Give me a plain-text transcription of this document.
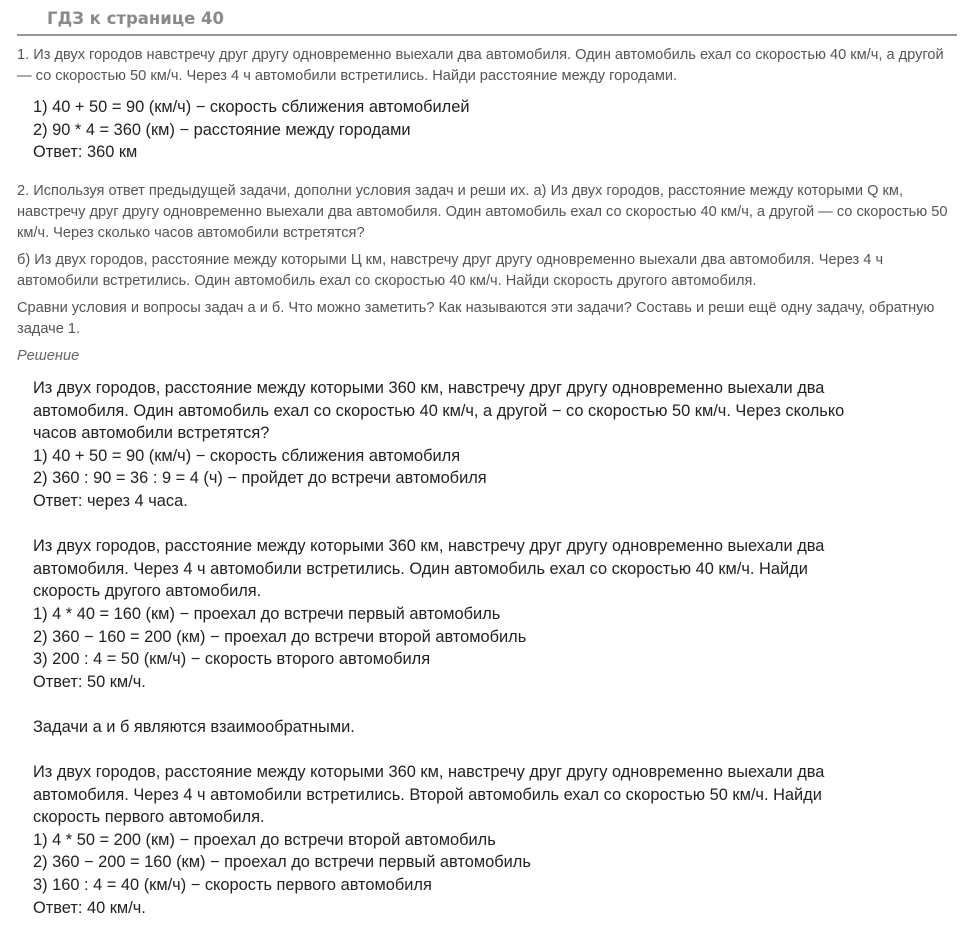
ГДЗ к странице 40
1. Из двух городов навстречу друг другу одновременно выехали два автомобиля. Один автомобиль ехал со скоростью 40 км/ч, а другой — со скоростью 50 км/ч. Через 4 ч автомобили встретились. Найди расстояние между городами.
1) 40 + 50 = 90 (км/ч) − скорость сближения автомобилей
2) 90 * 4 = 360 (км) − расстояние между городами
Ответ: 360 км
2. Используя ответ предыдущей задачи, дополни условия задач и реши их. а) Из двух городов, расстояние между которыми Q км, навстречу друг другу одновременно выехали два автомобиля. Один автомобиль ехал со скоростью 40 км/ч, а другой — со скоростью 50 км/ч. Через сколько часов автомобили встретятся?
б) Из двух городов, расстояние между которыми Ц км, навстречу друг другу одновременно выехали два автомобиля. Через 4 ч автомобили встретились. Один автомобиль ехал со скоростью 40 км/ч. Найди скорость другого автомобиля.
Сравни условия и вопросы задач а и б. Что можно заметить? Как называются эти задачи? Составь и реши ещё одну задачу, обратную задаче 1.
Решение
Из двух городов, расстояние между которыми 360 км, навстречу друг другу одновременно выехали два
автомобиля. Один автомобиль ехал со скоростью 40 км/ч, а другой − со скоростью 50 км/ч. Через сколько
часов автомобили встретятся?
1) 40 + 50 = 90 (км/ч) − скорость сближения автомобиля
2) 360 : 90 = 36 : 9 = 4 (ч) − пройдет до встречи автомобиля
Ответ: через 4 часа.
Из двух городов, расстояние между которыми 360 км, навстречу друг другу одновременно выехали два
автомобиля. Через 4 ч автомобили встретились. Один автомобиль ехал со скоростью 40 км/ч. Найди
скорость другого автомобиля.
1) 4 * 40 = 160 (км) − проехал до встречи первый автомобиль
2) 360 − 160 = 200 (км) − проехал до встречи второй автомобиль
3) 200 : 4 = 50 (км/ч) − скорость второго автомобиля
Ответ: 50 км/ч.
Задачи а и б являются взаимообратными.
Из двух городов, расстояние между которыми 360 км, навстречу друг другу одновременно выехали два
автомобиля. Через 4 ч автомобили встретились. Второй автомобиль ехал со скоростью 50 км/ч. Найди
скорость первого автомобиля.
1) 4 * 50 = 200 (км) − проехал до встречи второй автомобиль
2) 360 − 200 = 160 (км) − проехал до встречи первый автомобиль
3) 160 : 4 = 40 (км/ч) − скорость первого автомобиля
Ответ: 40 км/ч.
